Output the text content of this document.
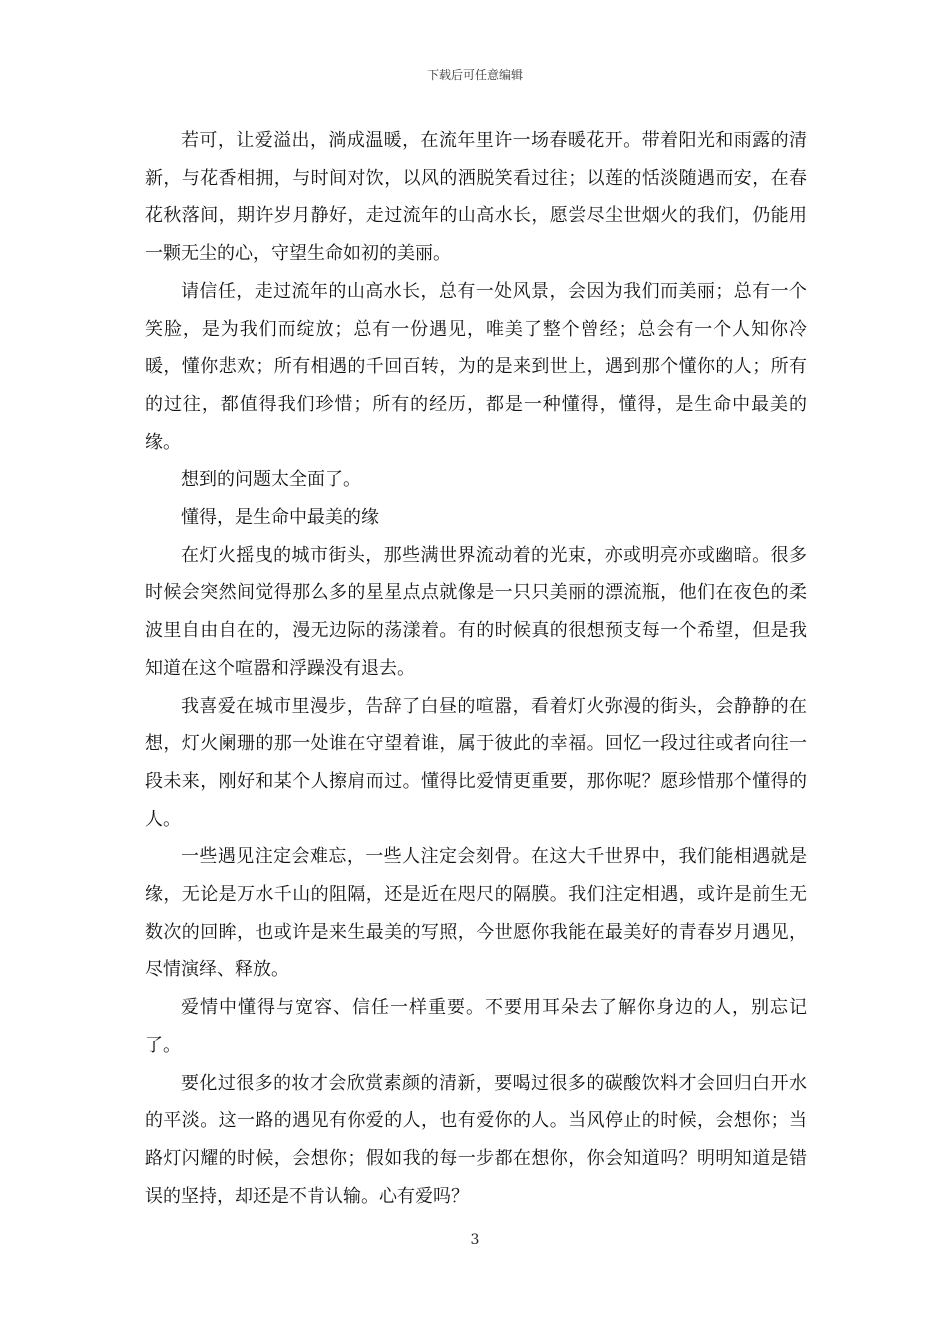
下载后可任意编辑

若可，让爱溢出，淌成温暖，在流年里许一场春暖花开。带着阳光和雨露的清新，与花香相拥，与时间对饮，以风的洒脱笑看过往；以莲的恬淡随遇而安，在春花秋落间，期许岁月静好，走过流年的山高水长，愿尝尽尘世烟火的我们，仍能用一颗无尘的心，守望生命如初的美丽。

请信任，走过流年的山高水长，总有一处风景，会因为我们而美丽；总有一个笑脸，是为我们而绽放；总有一份遇见，唯美了整个曾经；总会有一个人知你冷暖，懂你悲欢；所有相遇的千回百转，为的是来到世上，遇到那个懂你的人；所有的过往，都值得我们珍惜；所有的经历，都是一种懂得，懂得，是生命中最美的缘。

想到的问题太全面了。

懂得，是生命中最美的缘

在灯火摇曳的城市街头，那些满世界流动着的光束，亦或明亮亦或幽暗。很多时候会突然间觉得那么多的星星点点就像是一只只美丽的漂流瓶，他们在夜色的柔波里自由自在的，漫无边际的荡漾着。有的时候真的很想预支每一个希望，但是我知道在这个喧嚣和浮躁没有退去。

我喜爱在城市里漫步，告辞了白昼的喧嚣，看着灯火弥漫的街头，会静静的在想，灯火阑珊的那一处谁在守望着谁，属于彼此的幸福。回忆一段过往或者向往一段未来，刚好和某个人擦肩而过。懂得比爱情更重要，那你呢？愿珍惜那个懂得的人。

一些遇见注定会难忘，一些人注定会刻骨。在这大千世界中，我们能相遇就是缘，无论是万水千山的阻隔，还是近在咫尺的隔膜。我们注定相遇，或许是前生无数次的回眸，也或许是来生最美的写照，今世愿你我能在最美好的青春岁月遇见，尽情演绎、释放。

爱情中懂得与宽容、信任一样重要。不要用耳朵去了解你身边的人，别忘记了。

要化过很多的妆才会欣赏素颜的清新，要喝过很多的碳酸饮料才会回归白开水的平淡。这一路的遇见有你爱的人，也有爱你的人。当风停止的时候，会想你；当路灯闪耀的时候，会想你；假如我的每一步都在想你，你会知道吗？明明知道是错误的坚持，却还是不肯认输。心有爱吗？

3
